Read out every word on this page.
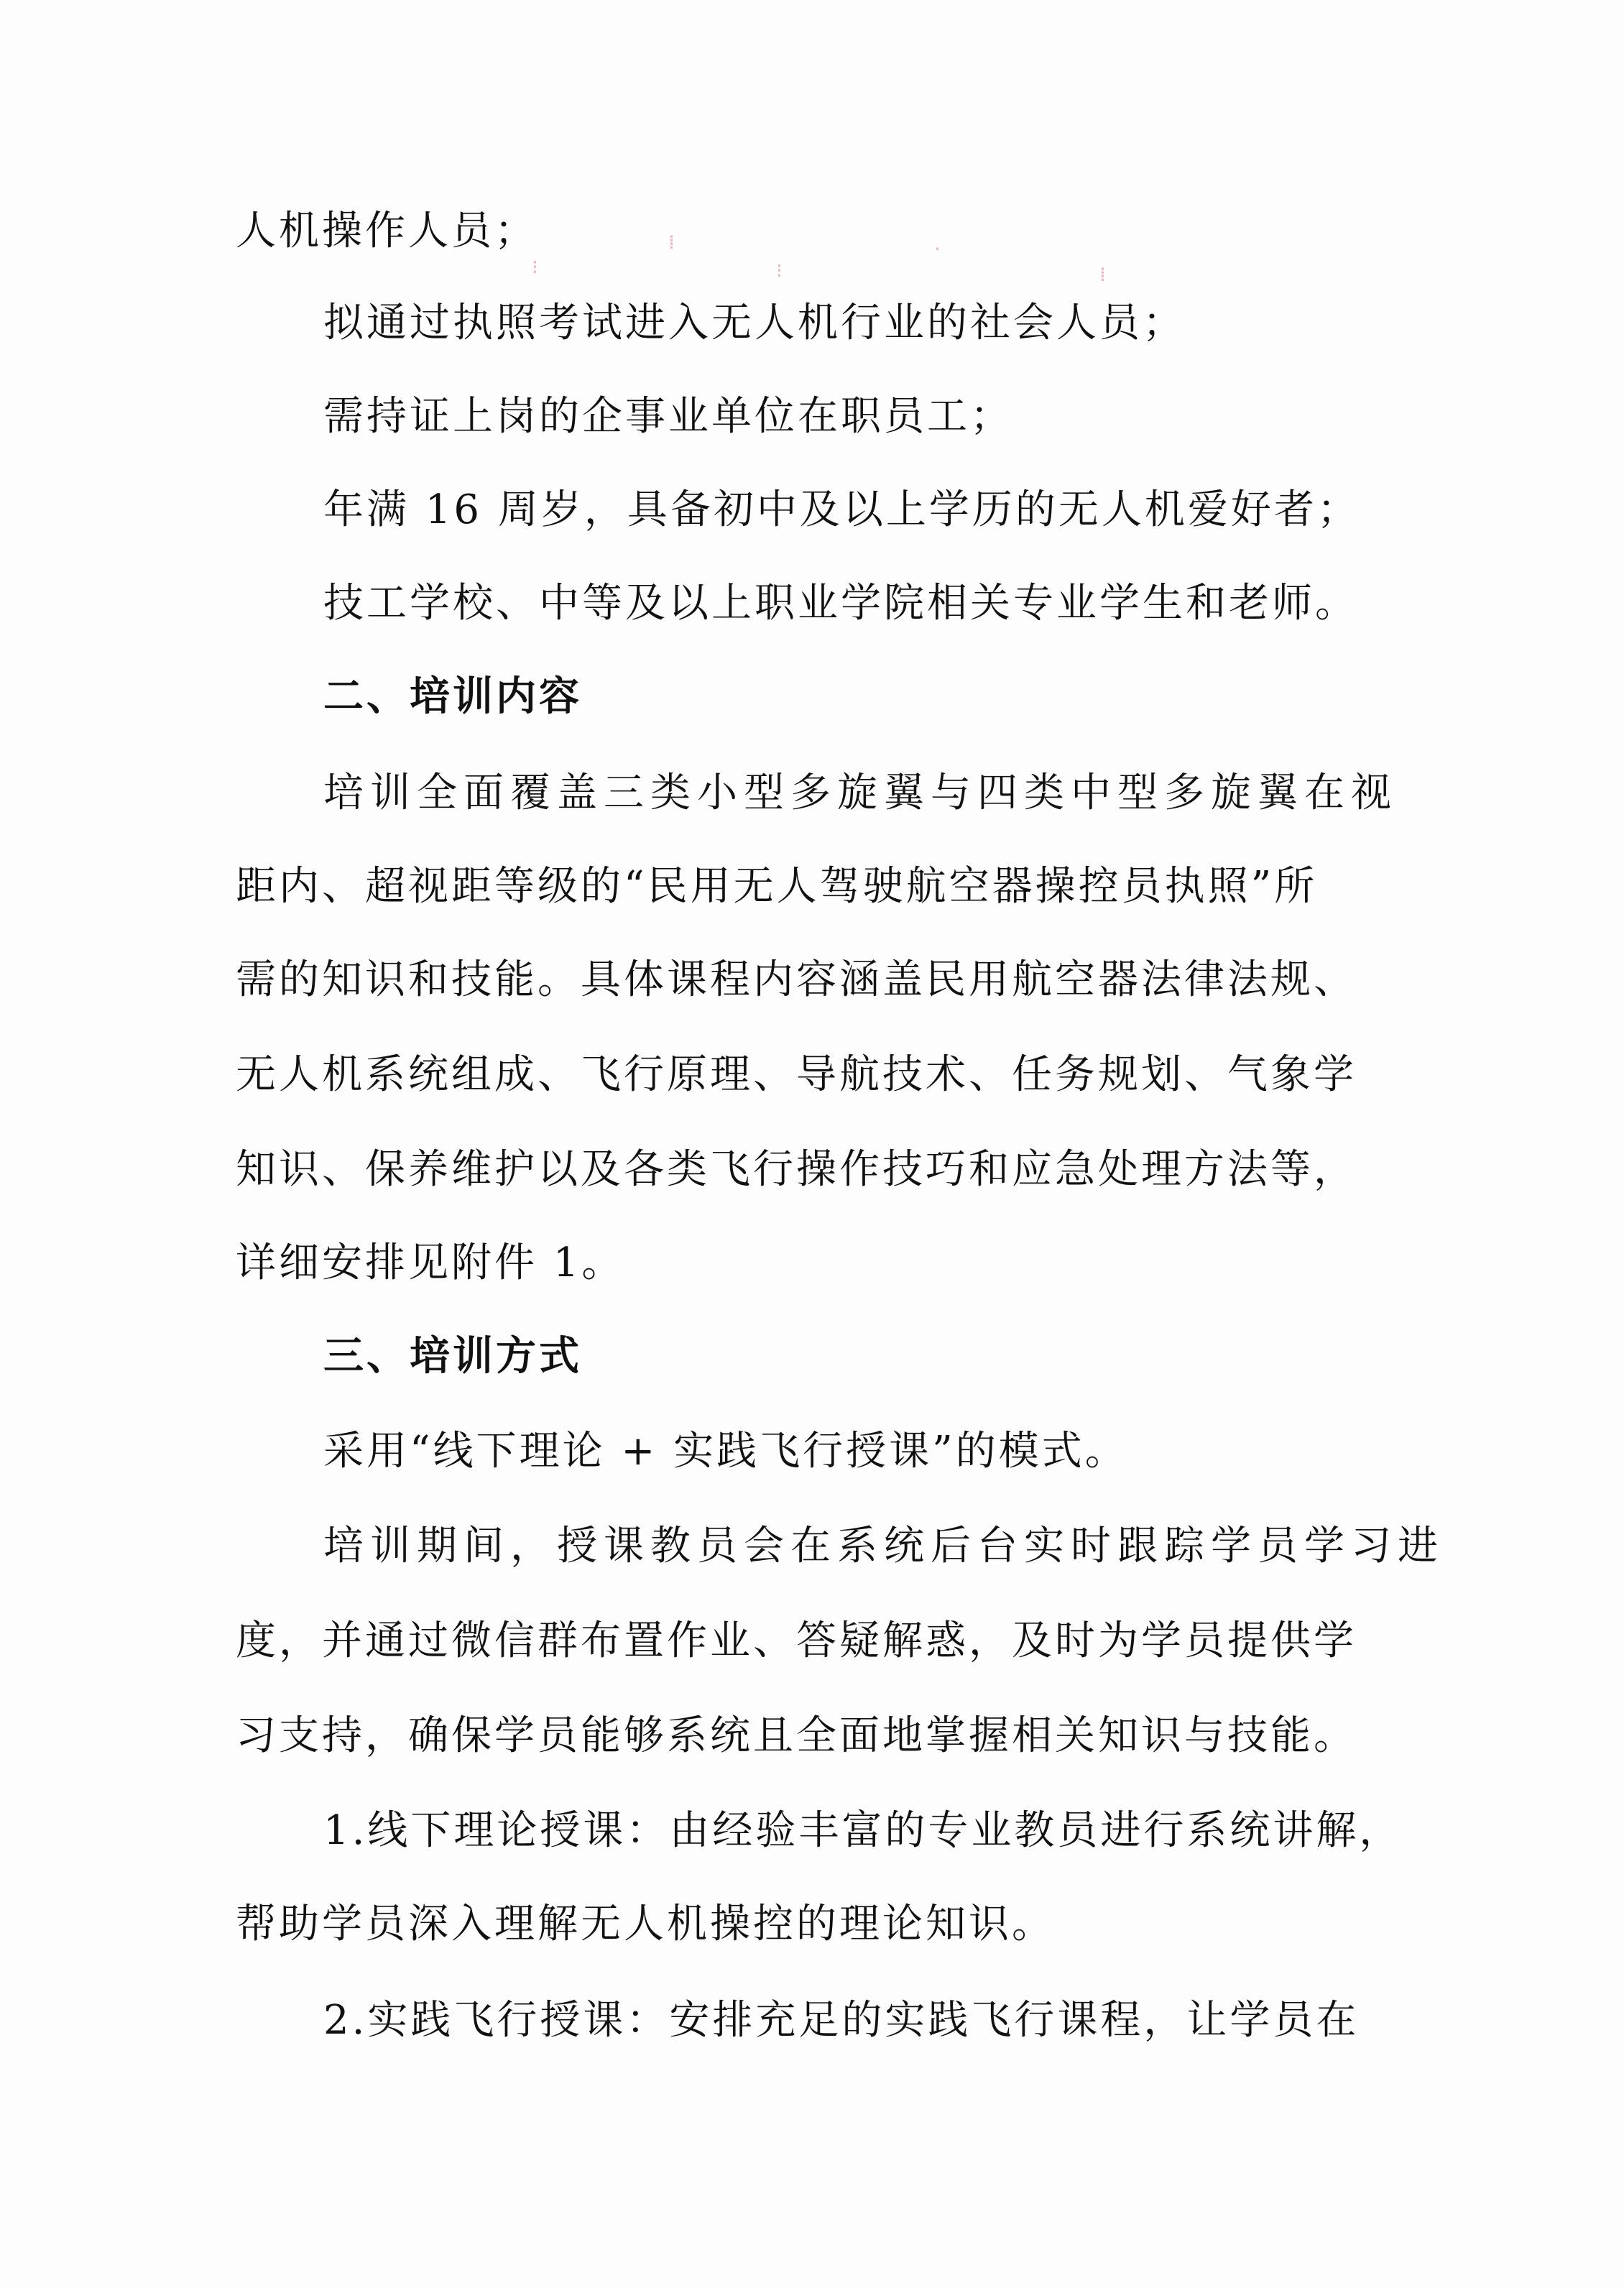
⁝
⁞
⁝
·
⁞
人机操作人员；
拟通过执照考试进入无人机行业的社会人员；
需持证上岗的企事业单位在职员工；
年满 16 周岁，具备初中及以上学历的无人机爱好者；
技工学校、中等及以上职业学院相关专业学生和老师。
二、培训内容
培训全面覆盖三类小型多旋翼与四类中型多旋翼在视
距内、超视距等级的“民用无人驾驶航空器操控员执照”所
需的知识和技能。具体课程内容涵盖民用航空器法律法规、
无人机系统组成、飞行原理、导航技术、任务规划、气象学
知识、保养维护以及各类飞行操作技巧和应急处理方法等，
详细安排见附件 1。
三、培训方式
采用“线下理论 + 实践飞行授课”的模式。
培训期间，授课教员会在系统后台实时跟踪学员学习进
度，并通过微信群布置作业、答疑解惑，及时为学员提供学
习支持，确保学员能够系统且全面地掌握相关知识与技能。
1.线下理论授课：由经验丰富的专业教员进行系统讲解，
帮助学员深入理解无人机操控的理论知识。
2.实践飞行授课：安排充足的实践飞行课程，让学员在
